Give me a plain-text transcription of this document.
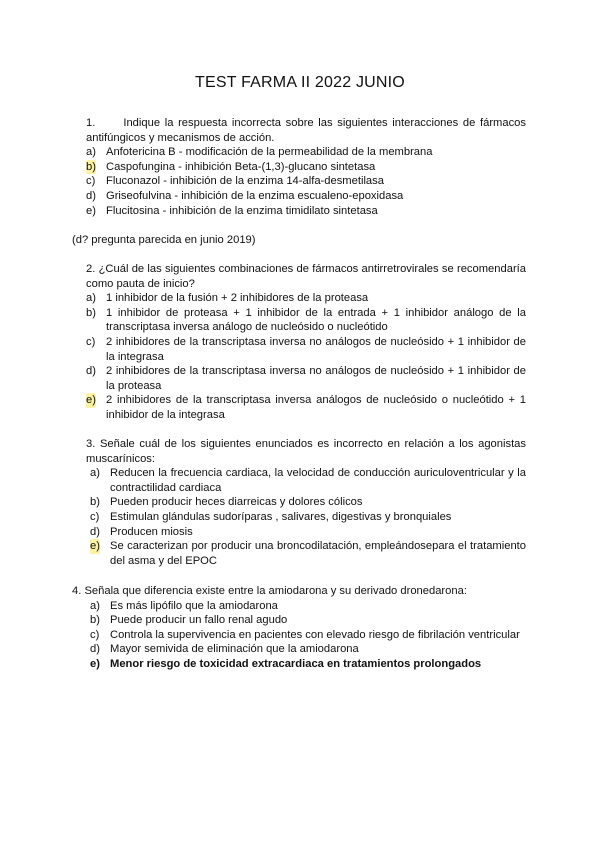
TEST FARMA II 2022 JUNIO
1.	Indique la respuesta incorrecta sobre las siguientes interacciones de fármacos antifúngicos y mecanismos de acción.
a) Anfotericina B - modificación de la permeabilidad de la membrana
b) Caspofungina - inhibición Beta-(1,3)-glucano sintetasa
c) Fluconazol - inhibición de la enzima 14-alfa-desmetilasa
d) Griseofulvina - inhibición de la enzima escualeno-epoxidasa
e) Flucitosina - inhibición de la enzima timidilato sintetasa
(d? pregunta parecida en junio 2019)
2. ¿Cuál de las siguientes combinaciones de fármacos antirretrovirales se recomendaría como pauta de inicio?
a) 1 inhibidor de la fusión + 2 inhibidores de la proteasa
b) 1 inhibidor de proteasa + 1 inhibidor de la entrada + 1 inhibidor análogo de la transcriptasa inversa análogo de nucleósido o nucleótido
c) 2 inhibidores de la transcriptasa inversa no análogos de nucleósido + 1 inhibidor de la integrasa
d) 2 inhibidores de la transcriptasa inversa no análogos de nucleósido + 1 inhibidor de la proteasa
e) 2 inhibidores de la transcriptasa inversa análogos de nucleósido o nucleótido + 1 inhibidor de la integrasa
3. Señale cuál de los siguientes enunciados es incorrecto en relación a los agonistas muscarínicos:
a) Reducen la frecuencia cardiaca, la velocidad de conducción auriculoventricular y la contractilidad cardiaca
b) Pueden producir heces diarreicas y dolores cólicos
c) Estimulan glándulas sudoríparas , salivares, digestivas y bronquiales
d) Producen miosis
e) Se caracterizan por producir una broncodilatación, empleándosepara el tratamiento del asma y del EPOC
4. Señala que diferencia existe entre la amiodarona y su derivado dronedarona:
a) Es más lipófilo que la amiodarona
b) Puede producir un fallo renal agudo
c) Controla la supervivencia en pacientes con elevado riesgo de fibrilación ventricular
d) Mayor semivida de eliminación que la amiodarona
e) Menor riesgo de toxicidad extracardiaca en tratamientos prolongados
